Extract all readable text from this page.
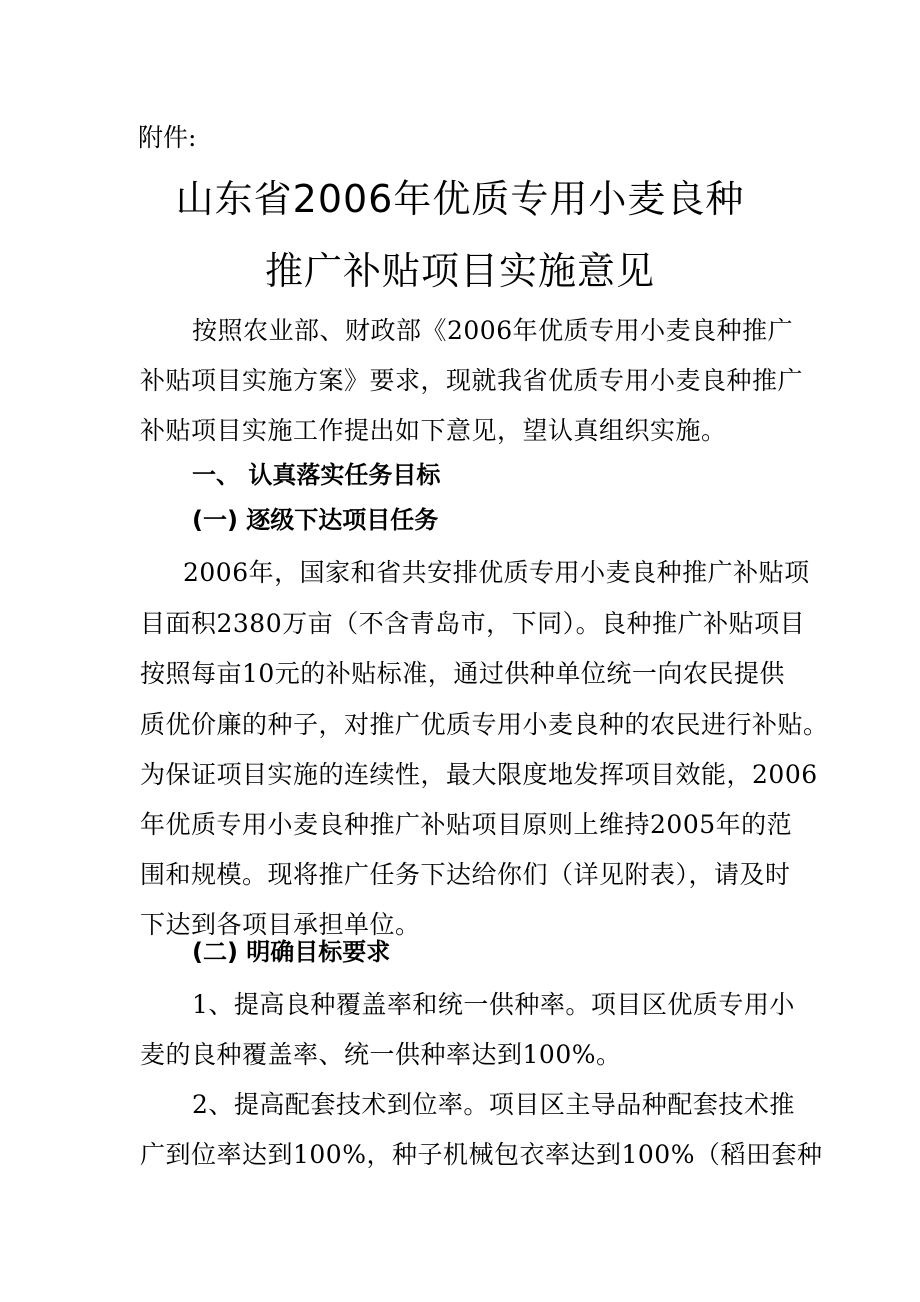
附件:
山东省2006年优质专用小麦良种
推广补贴项目实施意见
按照农业部、财政部《2006年优质专用小麦良种推广
补贴项目实施方案》要求，现就我省优质专用小麦良种推广
补贴项目实施工作提出如下意见，望认真组织实施。
一、 认真落实任务目标
(一) 逐级下达项目任务
2006年，国家和省共安排优质专用小麦良种推广补贴项
目面积2380万亩（不含青岛市，下同）。良种推广补贴项目
按照每亩10元的补贴标准，通过供种单位统一向农民提供
质优价廉的种子，对推广优质专用小麦良种的农民进行补贴。
为保证项目实施的连续性，最大限度地发挥项目效能，2006
年优质专用小麦良种推广补贴项目原则上维持2005年的范
围和规模。现将推广任务下达给你们（详见附表），请及时
下达到各项目承担单位。
(二) 明确目标要求
1、提高良种覆盖率和统一供种率。项目区优质专用小
麦的良种覆盖率、统一供种率达到100%。
2、提高配套技术到位率。项目区主导品种配套技术推
广到位率达到100%，种子机械包衣率达到100%（稻田套种
